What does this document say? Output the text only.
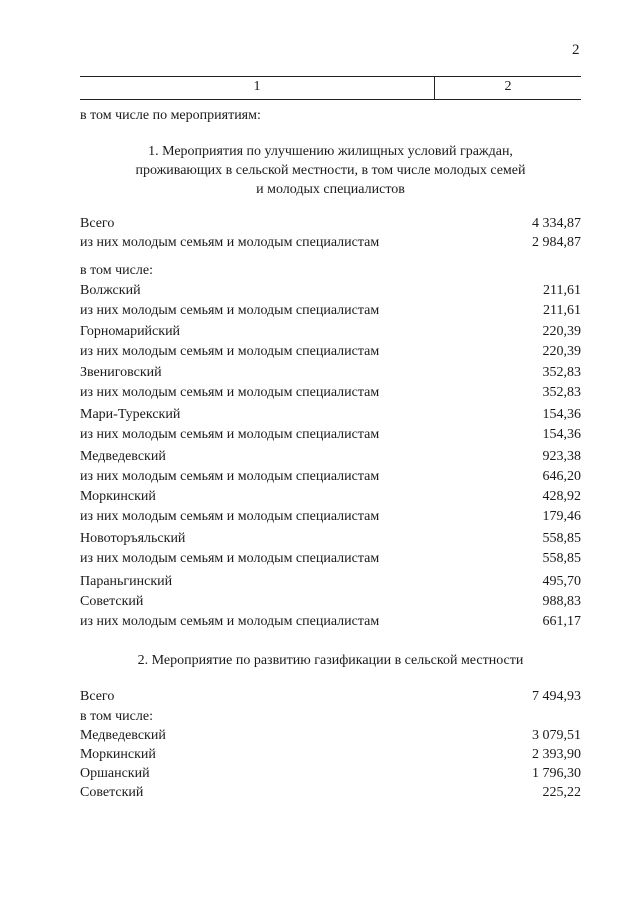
2
1	2
в том числе по мероприятиям:
1. Мероприятия по улучшению жилищных условий граждан,
проживающих в сельской местности, в том числе молодых семей
и молодых специалистов
Всего	4 334,87
из них молодым семьям и молодым специалистам	2 984,87
в том числе:
Волжский	211,61
из них молодым семьям и молодым специалистам	211,61
Горномарийский	220,39
из них молодым семьям и молодым специалистам	220,39
Звениговский	352,83
из них молодым семьям и молодым специалистам	352,83
Мари-Турекский	154,36
из них молодым семьям и молодым специалистам	154,36
Медведевский	923,38
из них молодым семьям и молодым специалистам	646,20
Моркинский	428,92
из них молодым семьям и молодым специалистам	179,46
Новоторъяльский	558,85
из них молодым семьям и молодым специалистам	558,85
Параньгинский	495,70
Советский	988,83
из них молодым семьям и молодым специалистам	661,17
2. Мероприятие по развитию газификации в сельской местности
Всего	7 494,93
в том числе:
Медведевский	3 079,51
Моркинский	2 393,90
Оршанский	1 796,30
Советский	225,22
